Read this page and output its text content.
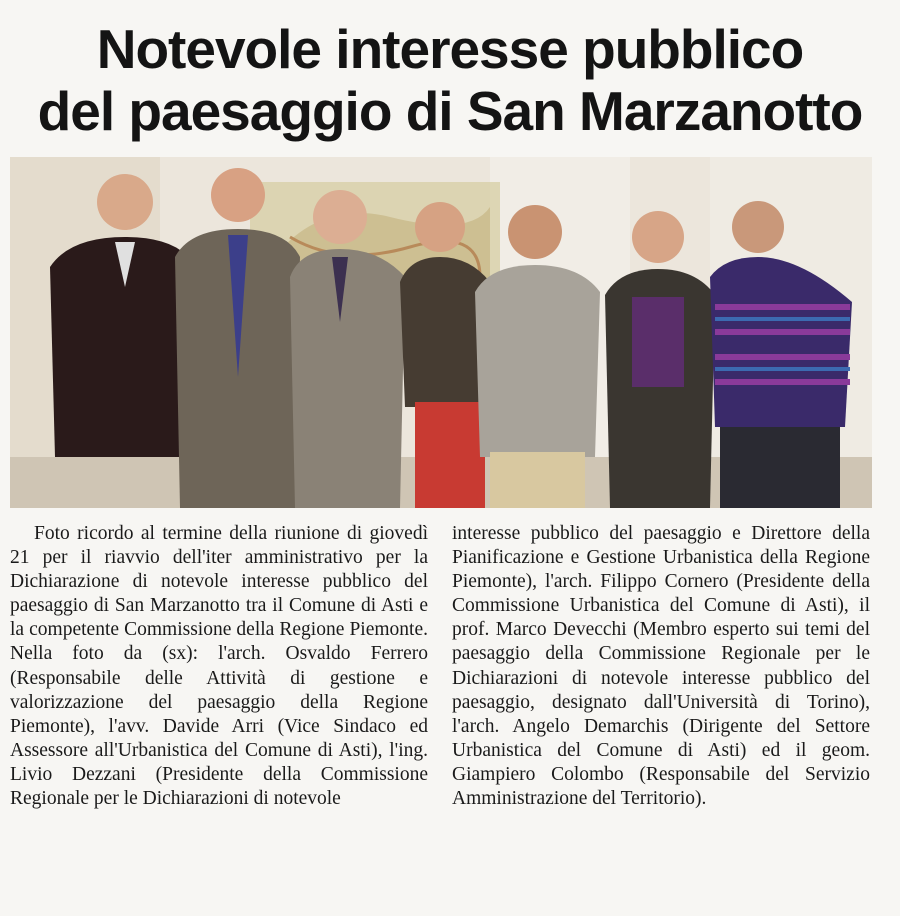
Notevole interesse pubblico
del paesaggio di San Marzanotto

Foto ricordo al termine della riunione di giovedì 21 per il riavvio dell'iter amministrativo per la Dichiarazione di notevole interesse pubblico del paesaggio di San Marzanotto tra il Comune di Asti e la competente Commissione della Regione Piemonte. Nella foto da (sx): l'arch. Osvaldo Ferrero (Responsabile delle Attività di gestione e valorizzazione del paesaggio della Regione Piemonte), l'avv. Davide Arri (Vice Sindaco ed Assessore all'Urbanistica del Comune di Asti), l'ing. Livio Dezzani (Presidente della Commissione Regionale per le Dichiarazioni di notevole

interesse pubblico del paesaggio e Direttore della Pianificazione e Gestione Urbanistica della Regione Piemonte), l'arch. Filippo Cornero (Presidente della Commissione Urbanistica del Comune di Asti), il prof. Marco Devecchi (Membro esperto sui temi del paesaggio della Commissione Regionale per le Dichiarazioni di notevole interesse pubblico del paesaggio, designato dall'Università di Torino), l'arch. Angelo Demarchis (Dirigente del Settore Urbanistica del Comune di Asti) ed il geom. Giampiero Colombo (Responsabile del Servizio Amministrazione del Territorio).
